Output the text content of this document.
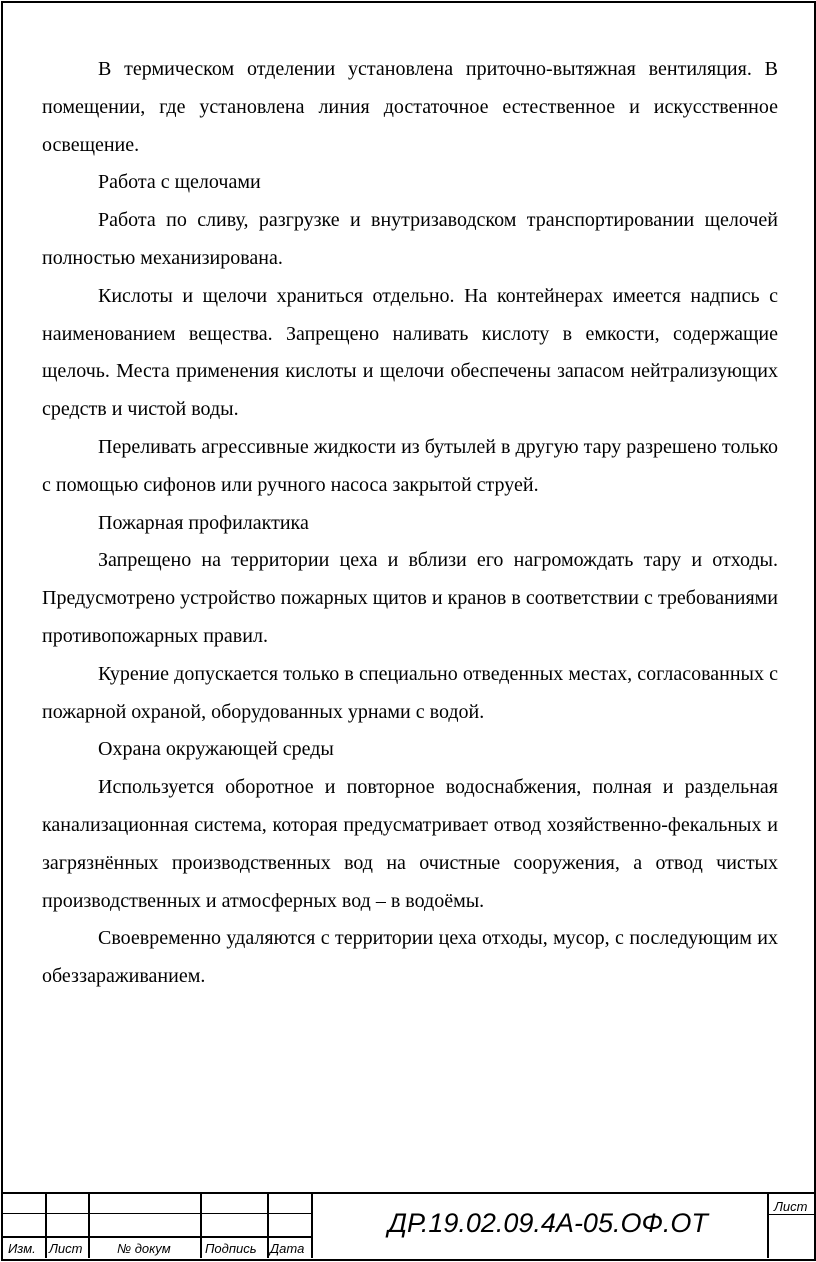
В термическом отделении установлена приточно-вытяжная вентиляция. В помещении, где установлена линия достаточное естественное и искусственное освещение.

Работа с щелочами

Работа по сливу, разгрузке и внутризаводском транспортировании щелочей полностью механизирована.

Кислоты и щелочи храниться отдельно. На контейнерах имеется надпись с наименованием вещества. Запрещено наливать кислоту в емкости, содержащие щелочь. Места применения кислоты и щелочи обеспечены запасом нейтрализующих средств и чистой воды.

Переливать агрессивные жидкости из бутылей в другую тару разрешено только с помощью сифонов или ручного насоса закрытой струей.

Пожарная профилактика

Запрещено на территории цеха и вблизи его нагромождать тару и отходы. Предусмотрено устройство пожарных щитов и кранов в соответствии с требованиями противопожарных правил.

Курение допускается только в специально отведенных местах, согласованных с пожарной охраной, оборудованных урнами с водой.

Охрана окружающей среды

Используется оборотное и повторное водоснабжения, полная и раздельная канализационная система, которая предусматривает отвод хозяйственно-фекальных и загрязнённых производственных вод на очистные сооружения, а отвод чистых производственных и атмосферных вод – в водоёмы.

Своевременно удаляются с территории цеха отходы, мусор, с последующим их обеззараживанием.

Изм. Лист	№ докум	Подпись Дата
Лист
ДР.19.02.09.4А-05.ОФ.ОТ
